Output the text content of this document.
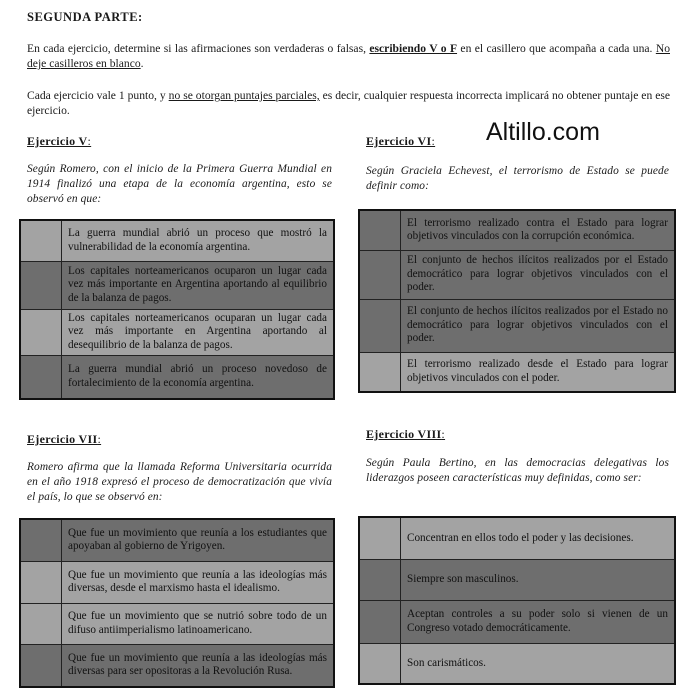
SEGUNDA PARTE:
En cada ejercicio, determine si las afirmaciones son verdaderas o falsas, escribiendo V o F en el casillero que acompaña a cada una. No deje casilleros en blanco.
Cada ejercicio vale 1 punto, y no se otorgan puntajes parciales, es decir, cualquier respuesta incorrecta implicará no obtener puntaje en ese ejercicio.
Altillo.com
Ejercicio V:
Según Romero, con el inicio de la Primera Guerra Mundial en 1914 finalizó una etapa de la economía argentina, esto se observó en que:
	La guerra mundial abrió un proceso que mostró la vulnerabilidad de la economía argentina.
	Los capitales norteamericanos ocuparon un lugar cada vez más importante en Argentina aportando al equilibrio de la balanza de pagos.
	Los capitales norteamericanos ocuparan un lugar cada vez más importante en Argentina aportando al desequilibrio de la balanza de pagos.
	La guerra mundial abrió un proceso novedoso de fortalecimiento de la economía argentina.
Ejercicio VI:
Según Graciela Echevest, el terrorismo de Estado se puede definir como:
	El terrorismo realizado contra el Estado para lograr objetivos vinculados con la corrupción económica.
	El conjunto de hechos ilícitos realizados por el Estado democrático para lograr objetivos vinculados con el poder.
	El conjunto de hechos ilícitos realizados por el Estado no democrático para lograr objetivos vinculados con el poder.
	El terrorismo realizado desde el Estado para lograr objetivos vinculados con el poder.
Ejercicio VII:
Romero afirma que la llamada Reforma Universitaria ocurrida en el año 1918 expresó el proceso de democratización que vivía el país, lo que se observó en:
	Que fue un movimiento que reunía a los estudiantes que apoyaban al gobierno de Yrigoyen.
	Que fue un movimiento que reunía a las ideologías más diversas, desde el marxismo hasta el idealismo.
	Que fue un movimiento que se nutrió sobre todo de un difuso antiimperialismo latinoamericano.
	Que fue un movimiento que reunía a las ideologías más diversas para ser opositoras a la Revolución Rusa.
Ejercicio VIII:
Según Paula Bertino, en las democracias delegativas los liderazgos poseen características muy definidas, como ser:
	Concentran en ellos todo el poder y las decisiones.
	Siempre son masculinos.
	Aceptan controles a su poder solo si vienen de un Congreso votado democráticamente.
	Son carismáticos.
